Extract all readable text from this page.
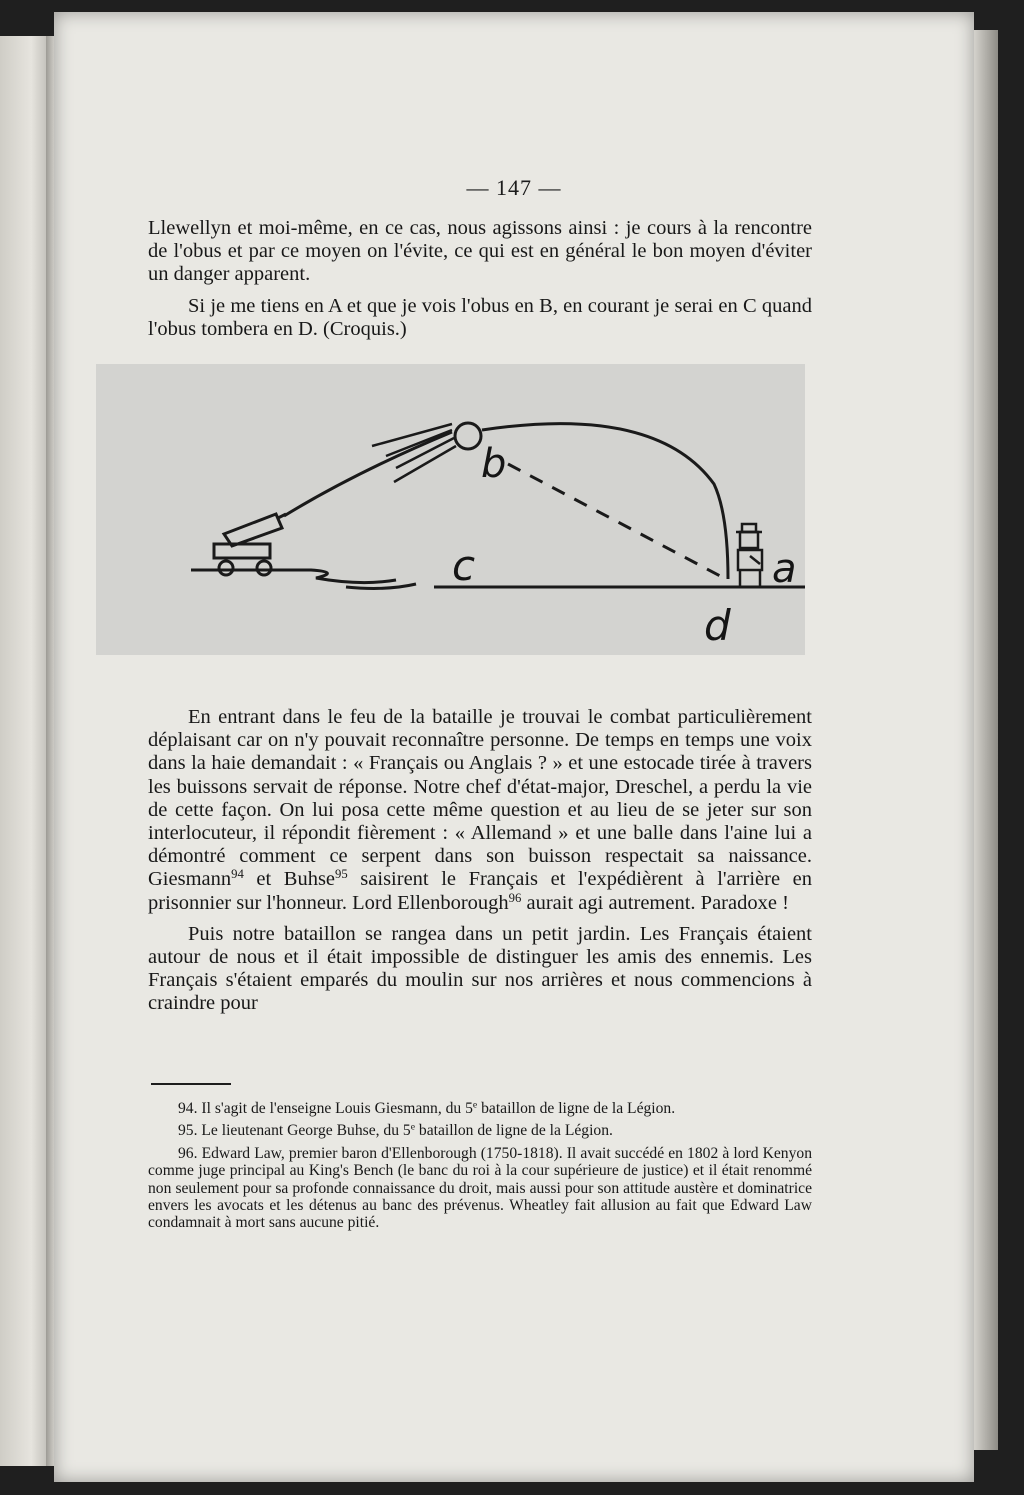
— 147 —

Llewellyn et moi-même, en ce cas, nous agissons ainsi : je cours à la rencontre de l'obus et par ce moyen on l'évite, ce qui est en général le bon moyen d'éviter un danger apparent.

Si je me tiens en A et que je vois l'obus en B, en courant je serai en C quand l'obus tombera en D. (Croquis.)

b
c	a
d

En entrant dans le feu de la bataille je trouvai le combat particulièrement déplaisant car on n'y pouvait reconnaître personne. De temps en temps une voix dans la haie demandait : « Français ou Anglais ? » et une estocade tirée à travers les buissons servait de réponse. Notre chef d'état-major, Dreschel, a perdu la vie de cette façon. On lui posa cette même question et au lieu de se jeter sur son interlocuteur, il répondit fièrement : « Allemand » et une balle dans l'aine lui a démontré comment ce serpent dans son buisson respectait sa naissance. Giesmann$^{94}$ et Buhse$^{95}$ saisirent le Français et l'expédièrent à l'arrière en prisonnier sur l'honneur. Lord Ellenborough$^{96}$ aurait agi autrement. Paradoxe !

Puis notre bataillon se rangea dans un petit jardin. Les Français étaient autour de nous et il était impossible de distinguer les amis des ennemis. Les Français s'étaient emparés du moulin sur nos arrières et nous commencions à craindre pour

94. Il s'agit de l'enseigne Louis Giesmann, du 5e bataillon de ligne de la Légion.

95. Le lieutenant George Buhse, du 5e bataillon de ligne de la Légion.

96. Edward Law, premier baron d'Ellenborough (1750-1818). Il avait succédé en 1802 à lord Kenyon comme juge principal au King's Bench (le banc du roi à la cour supérieure de justice) et il était renommé non seulement pour sa profonde connaissance du droit, mais aussi pour son attitude austère et dominatrice envers les avocats et les détenus au banc des prévenus. Wheatley fait allusion au fait que Edward Law condamnait à mort sans aucune pitié.
